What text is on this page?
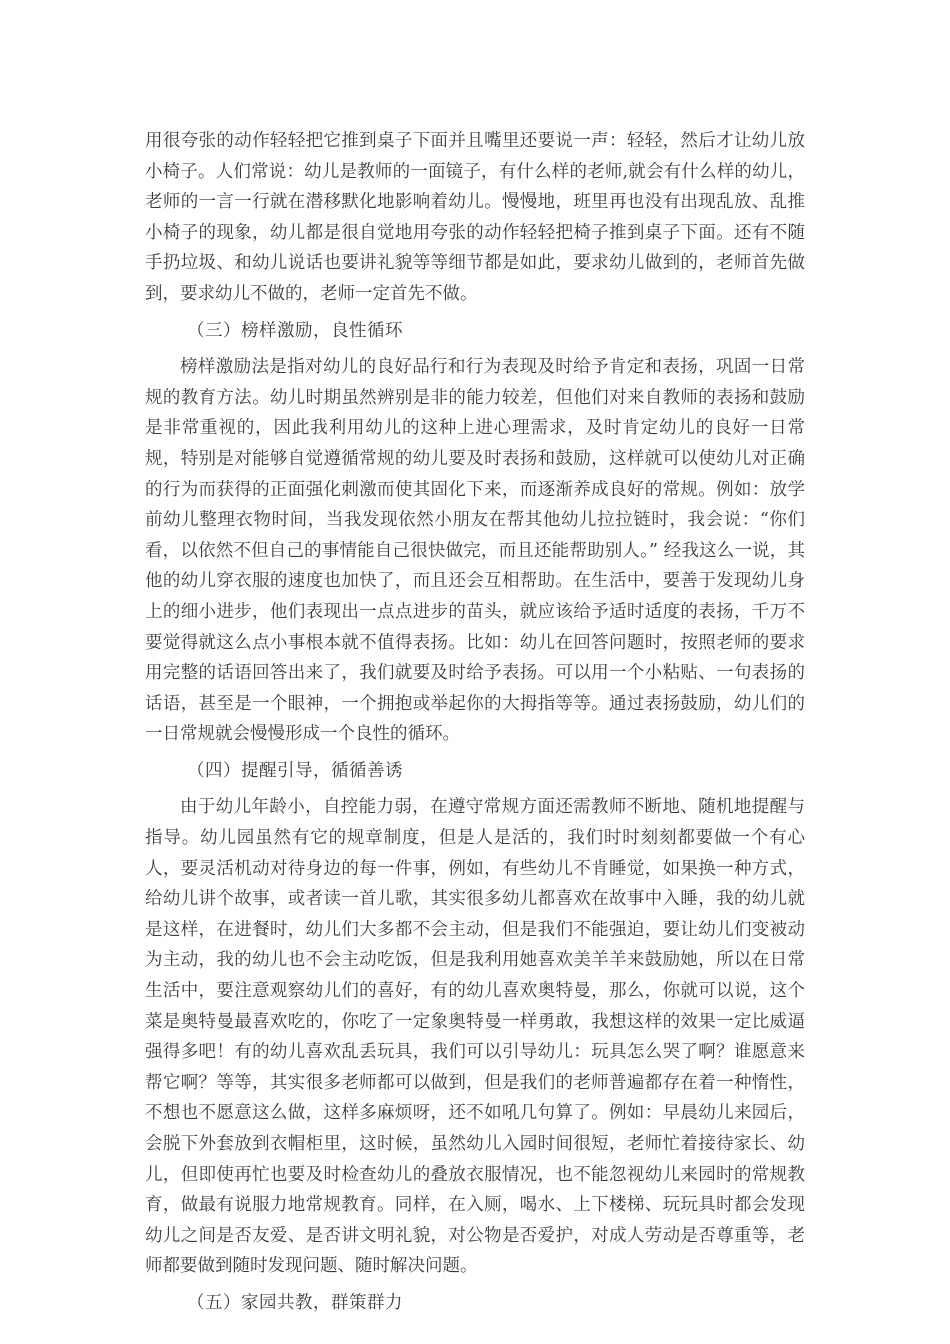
用很夸张的动作轻轻把它推到桌子下面并且嘴里还要说一声：轻轻，然后才让幼儿放小椅子。人们常说：幼儿是教师的一面镜子，有什么样的老师,就会有什么样的幼儿，老师的一言一行就在潜移默化地影响着幼儿。慢慢地，班里再也没有出现乱放、乱推小椅子的现象，幼儿都是很自觉地用夸张的动作轻轻把椅子推到桌子下面。还有不随手扔垃圾、和幼儿说话也要讲礼貌等等细节都是如此，要求幼儿做到的，老师首先做到，要求幼儿不做的，老师一定首先不做。

（三）榜样激励，良性循环

榜样激励法是指对幼儿的良好品行和行为表现及时给予肯定和表扬，巩固一日常规的教育方法。幼儿时期虽然辨别是非的能力较差，但他们对来自教师的表扬和鼓励是非常重视的，因此我利用幼儿的这种上进心理需求，及时肯定幼儿的良好一日常规，特别是对能够自觉遵循常规的幼儿要及时表扬和鼓励，这样就可以使幼儿对正确的行为而获得的正面强化刺激而使其固化下来，而逐渐养成良好的常规。例如：放学前幼儿整理衣物时间，当我发现依然小朋友在帮其他幼儿拉拉链时，我会说：“你们看，以依然不但自己的事情能自己很快做完，而且还能帮助别人。” 经我这么一说，其他的幼儿穿衣服的速度也加快了，而且还会互相帮助。在生活中，要善于发现幼儿身上的细小进步，他们表现出一点点进步的苗头，就应该给予适时适度的表扬，千万不要觉得就这么点小事根本就不值得表扬。比如：幼儿在回答问题时，按照老师的要求用完整的话语回答出来了，我们就要及时给予表扬。可以用一个小粘贴、一句表扬的话语，甚至是一个眼神，一个拥抱或举起你的大拇指等等。通过表扬鼓励，幼儿们的一日常规就会慢慢形成一个良性的循环。

（四）提醒引导，循循善诱

由于幼儿年龄小，自控能力弱，在遵守常规方面还需教师不断地、随机地提醒与指导。幼儿园虽然有它的规章制度，但是人是活的，我们时时刻刻都要做一个有心人，要灵活机动对待身边的每一件事，例如，有些幼儿不肯睡觉，如果换一种方式，给幼儿讲个故事，或者读一首儿歌，其实很多幼儿都喜欢在故事中入睡，我的幼儿就是这样，在进餐时，幼儿们大多都不会主动，但是我们不能强迫，要让幼儿们变被动为主动，我的幼儿也不会主动吃饭，但是我利用她喜欢美羊羊来鼓励她，所以在日常生活中，要注意观察幼儿们的喜好，有的幼儿喜欢奥特曼，那么，你就可以说，这个菜是奥特曼最喜欢吃的，你吃了一定象奥特曼一样勇敢，我想这样的效果一定比威逼强得多吧！有的幼儿喜欢乱丢玩具，我们可以引导幼儿：玩具怎么哭了啊？谁愿意来帮它啊？等等，其实很多老师都可以做到，但是我们的老师普遍都存在着一种惰性，不想也不愿意这么做，这样多麻烦呀，还不如吼几句算了。例如：早晨幼儿来园后，会脱下外套放到衣帽柜里，这时候，虽然幼儿入园时间很短，老师忙着接待家长、幼儿，但即使再忙也要及时检查幼儿的叠放衣服情况，也不能忽视幼儿来园时的常规教育，做最有说服力地常规教育。同样，在入厕，喝水、上下楼梯、玩玩具时都会发现幼儿之间是否友爱、是否讲文明礼貌，对公物是否爱护，对成人劳动是否尊重等，老师都要做到随时发现问题、随时解决问题。

（五）家园共教，群策群力
